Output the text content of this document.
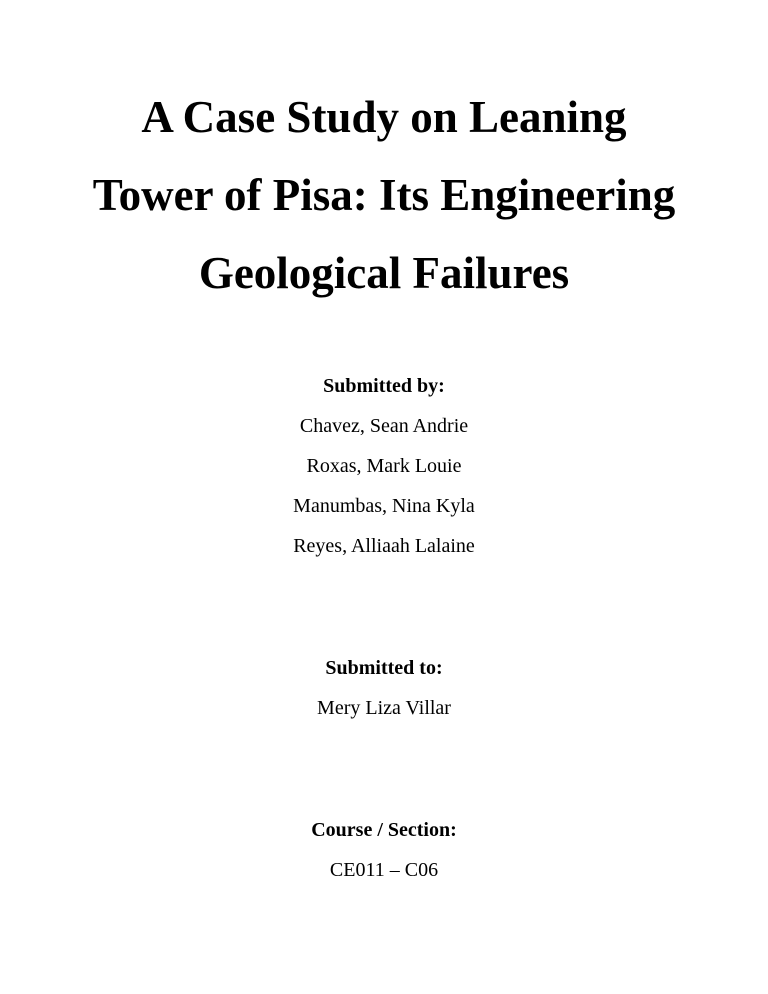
A Case Study on Leaning
Tower of Pisa: Its Engineering
Geological Failures
Submitted by:
Chavez, Sean Andrie
Roxas, Mark Louie
Manumbas, Nina Kyla
Reyes, Alliaah Lalaine
Submitted to:
Mery Liza Villar
Course / Section:
CE011 – C06
